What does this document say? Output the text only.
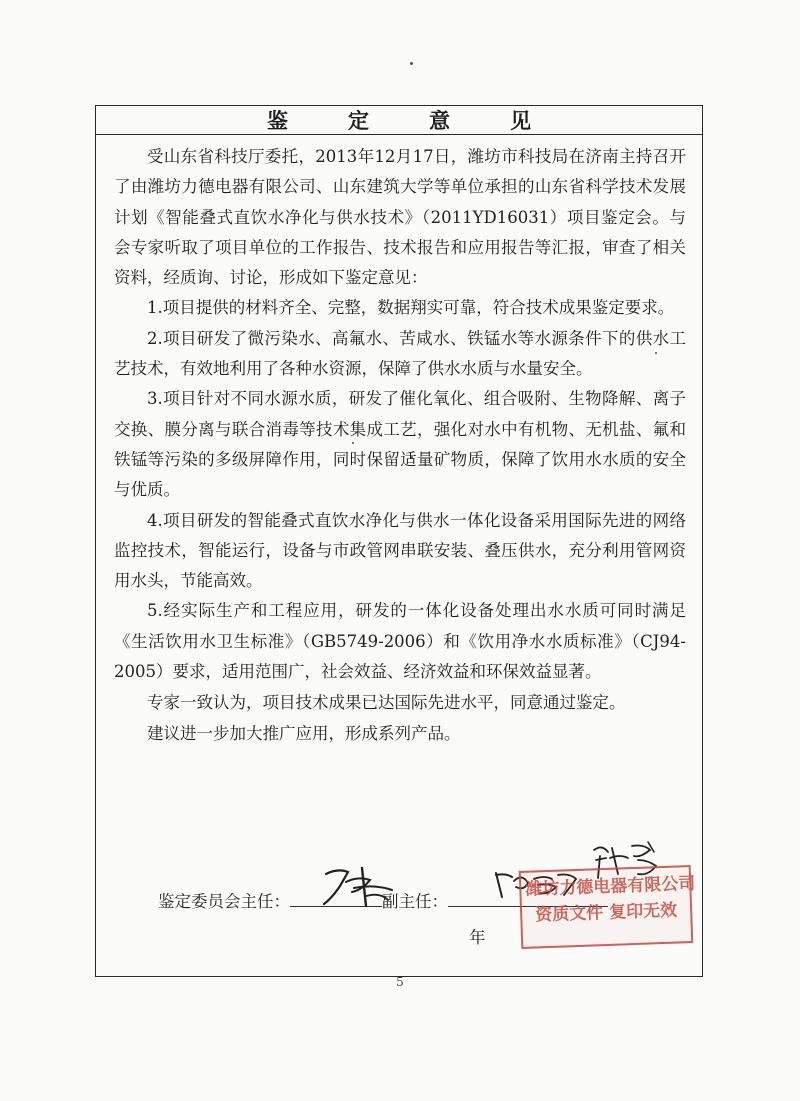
鉴定意见

受山东省科技厅委托，2013年12月17日，潍坊市科技局在济南主持召开了由潍坊力德电器有限公司、山东建筑大学等单位承担的山东省科学技术发展计划《智能叠式直饮水净化与供水技术》（2011YD16031）项目鉴定会。与会专家听取了项目单位的工作报告、技术报告和应用报告等汇报，审查了相关资料，经质询、讨论，形成如下鉴定意见：

1.项目提供的材料齐全、完整，数据翔实可靠，符合技术成果鉴定要求。

2.项目研发了微污染水、高氟水、苦咸水、铁锰水等水源条件下的供水工艺技术，有效地利用了各种水资源，保障了供水水质与水量安全。

3.项目针对不同水源水质，研发了催化氧化、组合吸附、生物降解、离子交换、膜分离与联合消毒等技术集成工艺，强化对水中有机物、无机盐、氟和铁锰等污染的多级屏障作用，同时保留适量矿物质，保障了饮用水水质的安全与优质。

4.项目研发的智能叠式直饮水净化与供水一体化设备采用国际先进的网络监控技术，智能运行，设备与市政管网串联安装、叠压供水，充分利用管网资用水头，节能高效。

5.经实际生产和工程应用，研发的一体化设备处理出水水质可同时满足《生活饮用水卫生标准》（GB5749-2006）和《饮用净水水质标准》（CJ94-2005）要求，适用范围广，社会效益、经济效益和环保效益显著。

专家一致认为，项目技术成果已达国际先进水平，同意通过鉴定。

建议进一步加大推广应用，形成系列产品。

鉴定委员会主任：	副主任：
年
潍坊力德电器有限公司
资质文件 复印无效
5
